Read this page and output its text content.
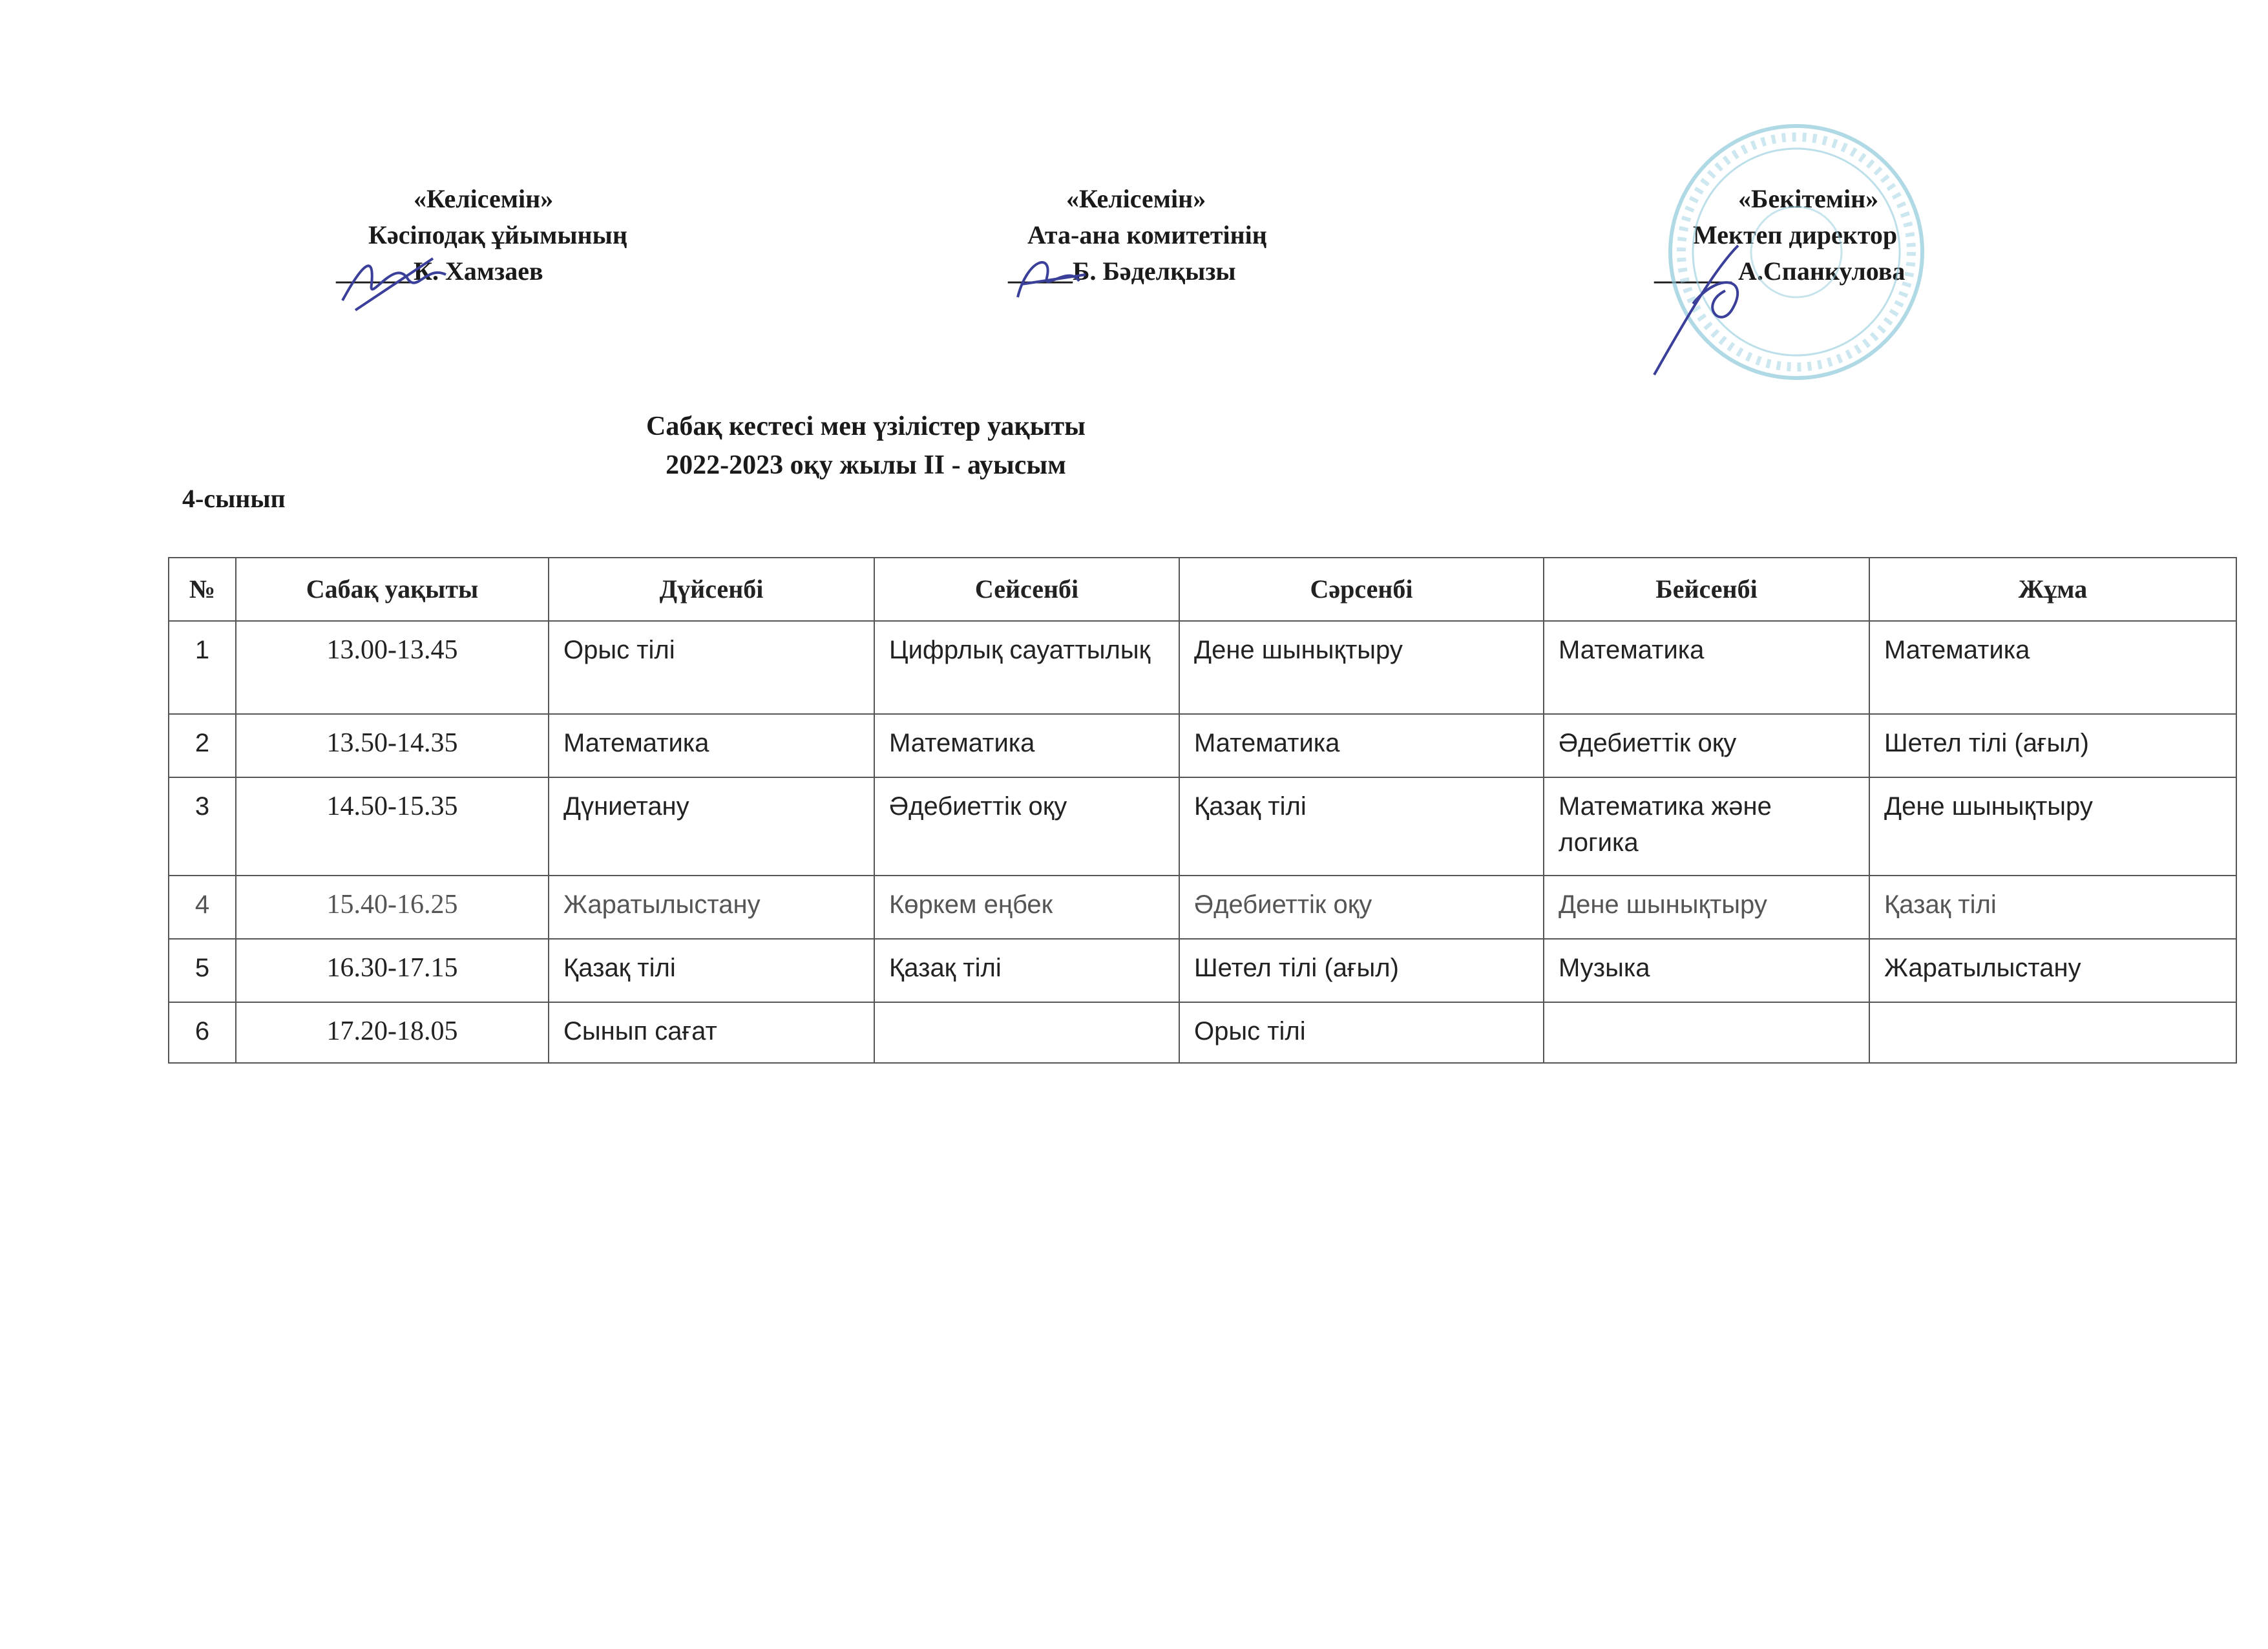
«Келісемін»
Кәсіподақ ұйымының
______К. Хамзаев
«Келісемін»
Ата-ана комитетінің
_____Б. Бәделқызы
«Бекітемін»
Мектеп директор
______ А.Спанкулова
Сабақ кестесі мен үзілістер уақыты
2022-2023 оқу жылы ІІ - ауысым
4-сынып
№	Сабақ уақыты	Дүйсенбі	Сейсенбі	Сәрсенбі	Бейсенбі	Жұма
1	13.00-13.45	Орыс тілі	Цифрлық сауаттылық	Дене шынықтыру	Математика	Математика
2	13.50-14.35	Математика	Математика	Математика	Әдебиеттік оқу	Шетел тілі (ағыл)
3	14.50-15.35	Дүниетану	Әдебиеттік оқу	Қазақ тілі	Математика және логика	Дене шынықтыру
4	15.40-16.25	Жаратылыстану	Көркем еңбек	Әдебиеттік оқу	Дене шынықтыру	Қазақ тілі
5	16.30-17.15	Қазақ тілі	Қазақ тілі	Шетел тілі (ағыл)	Музыка	Жаратылыстану
6	17.20-18.05	Сынып сағат		Орыс тілі		
